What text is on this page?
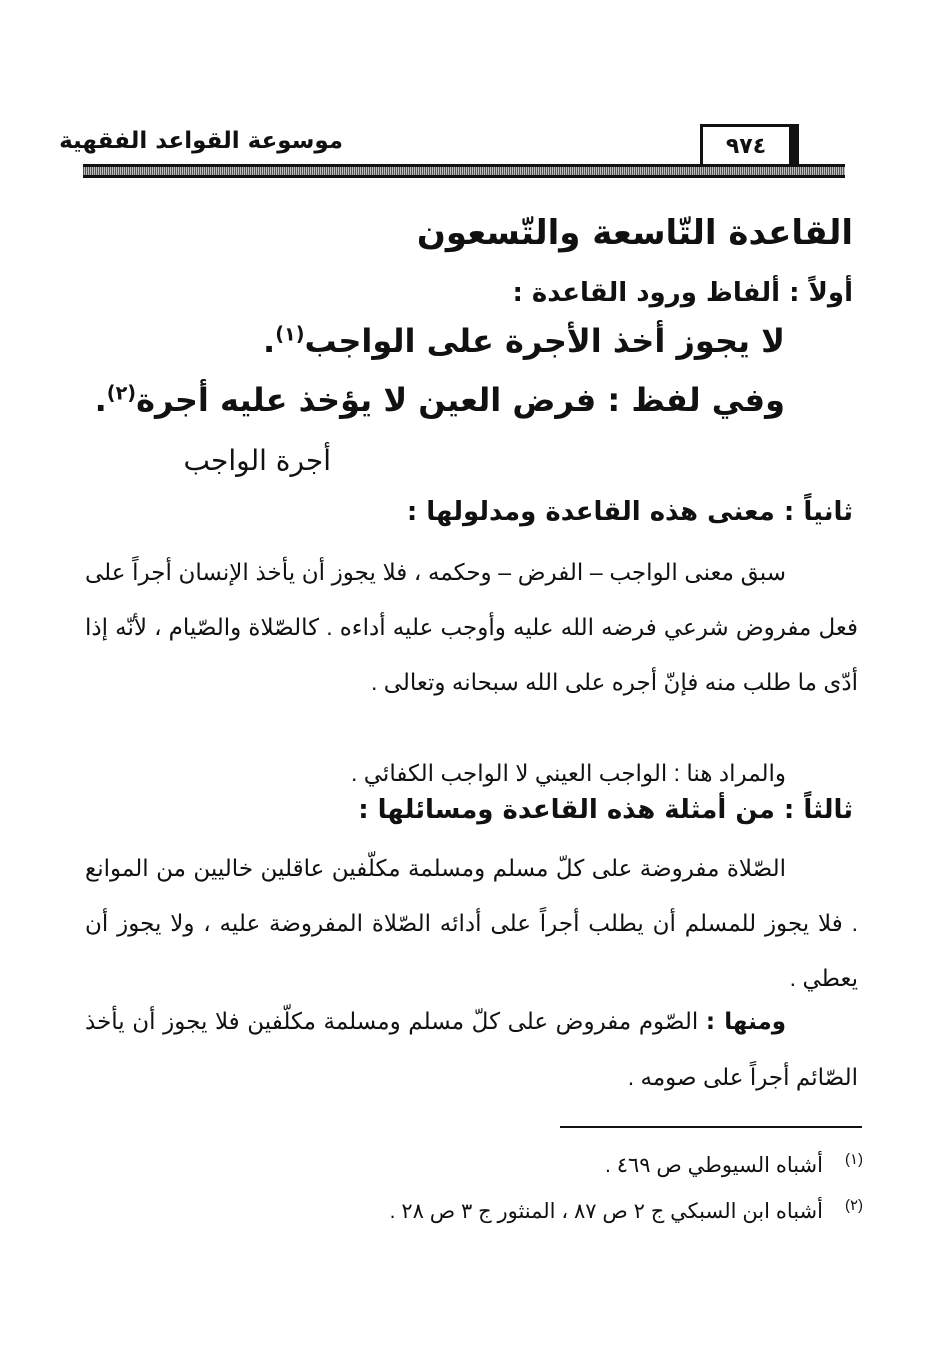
٩٧٤
موسوعة القواعد الفقهية
القاعدة التّاسعة والتّسعون
أولاً : ألفاظ ورود القاعدة :
لا يجوز أخذ الأجرة على الواجب$^{(١)}$.
وفي لفظ : فرض العين لا يؤخذ عليه أجرة$^{(٢)}$.
أجرة الواجب
ثانياً : معنى هذه القاعدة ومدلولها :
سبق معنى الواجب – الفرض – وحكمه ، فلا يجوز أن يأخذ الإنسان أجراً على فعل مفروض شرعي فرضه الله عليه وأوجب عليه أداءه . كالصّلاة والصّيام ، لأنّه إذا أدّى ما طلب منه فإنّ أجره على الله سبحانه وتعالى .
والمراد هنا : الواجب العيني لا الواجب الكفائي .
ثالثاً : من أمثلة هذه القاعدة ومسائلها :
الصّلاة مفروضة على كلّ مسلم ومسلمة مكلّفين عاقلين خاليين من الموانع . فلا يجوز للمسلم أن يطلب أجراً على أدائه الصّلاة المفروضة عليه ، ولا يجوز أن يعطي .
ومنها : الصّوم مفروض على كلّ مسلم ومسلمة مكلّفين فلا يجوز أن يأخذ الصّائم أجراً على صومه .
(١)أشباه السيوطي ص ٤٦٩ .
(٢)أشباه ابن السبكي ج ٢ ص ٨٧ ، المنثور ج ٣ ص ٢٨ .
